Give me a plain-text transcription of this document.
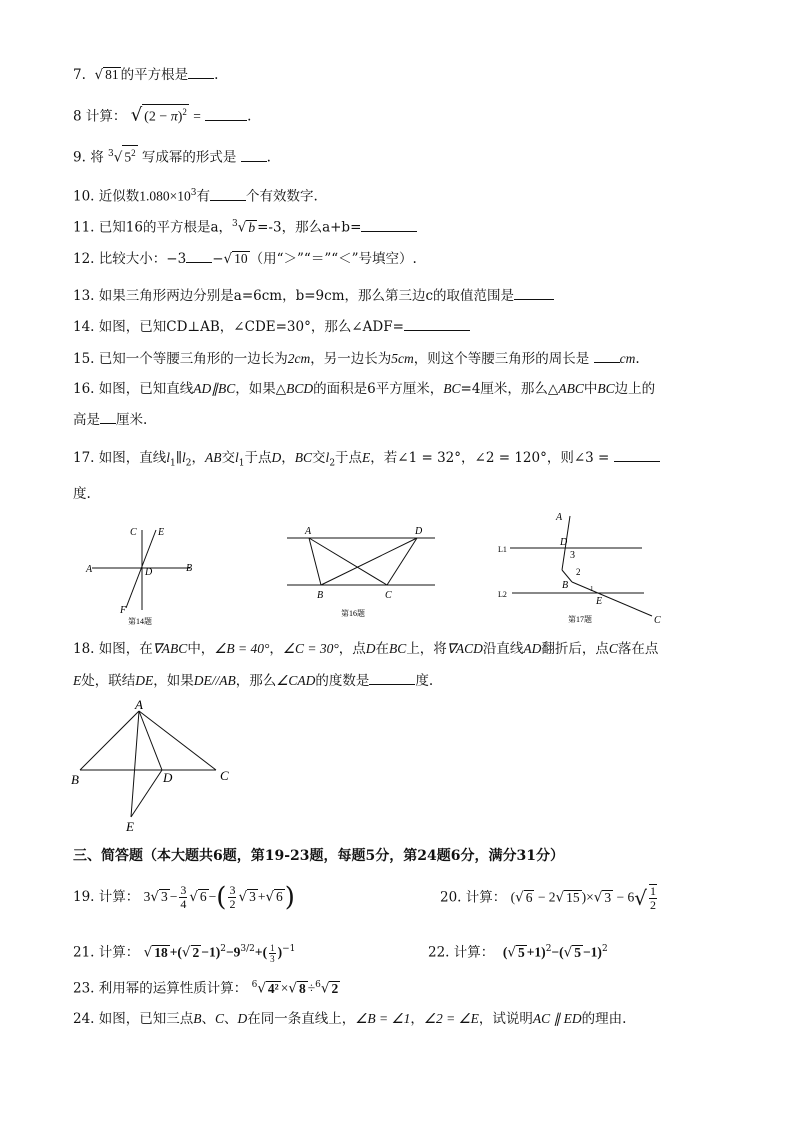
7. √ 81 的平方根是 .
8 计算： √ $(2 - \pi)^2$ =	.
9. 将 $^3$√ $5^2$ 写成幂的形式是 .
10. 近似数$1.080\times 10^3$有	个有效数字.
11. 已知16的平方根是a，$^3$√ b =-3，那么a+b=
12. 比较大小：−3 −√ 10 （用“＞”“＝”“＜”号填空）.
13. 如果三角形两边分别是a=6cm，b=9cm，那么第三边c的取值范围是
14. 如图，已知CD⊥AB，∠CDE=30°，那么∠ADF=
15. 已知一个等腰三角形的一边长为2cm，另一边长为5cm，则这个等腰三角形的周长是 cm.
16. 如图，已知直线AD∥BC，如果△BCD的面积是6平方厘米，BC=4厘米，那么△ABC中BC边上的
高是 厘米.
17. 如图，直线$l_1\parallel l_2$，AB交$l_1$于点D，BC交$l_2$于点E，若∠1 = 32°，∠2 = 120°，则∠3 =
度.
A	B
C
D
E
F
第14题
A	D
B	C
第16题
A
D
3
2
B	1
E
C
L1
L2
第17题
18. 如图，在∇ABC中，∠B = 40°，∠C = 30°，点D在BC上，将∇ACD沿直线AD翻折后，点C落在点
E处，联结DE，如果DE//AB，那么∠CAD的度数是	度.
A
B	D	C
E
三、简答题（本大题共6题，第19-23题，每题5分，第24题6分，满分31分）
19. 计算： 3√ $3 - \frac{3}{4}$ √ 6 −( $\frac{3}{2}$ √ 3 +√ 6)	20. 计算： (√ 6 − 2√ 15 )×√ $3 - 6√ \frac{1}{2}$
21. 计算： √ 18 +(√ $2 -1)^2-9^{3/2}+( \frac{1}{3} )^{-1}$	22. 计算： (√ 5 +1)$^2$−(√ 5 −1)$^2$
23. 利用幂的运算性质计算： $^6$√ 4² ×√ 8 ÷$^6$√ 2
24. 如图，已知三点B、C、D在同一条直线上，∠B = ∠1，∠2 = ∠E，试说明AC ∥ ED的理由.
